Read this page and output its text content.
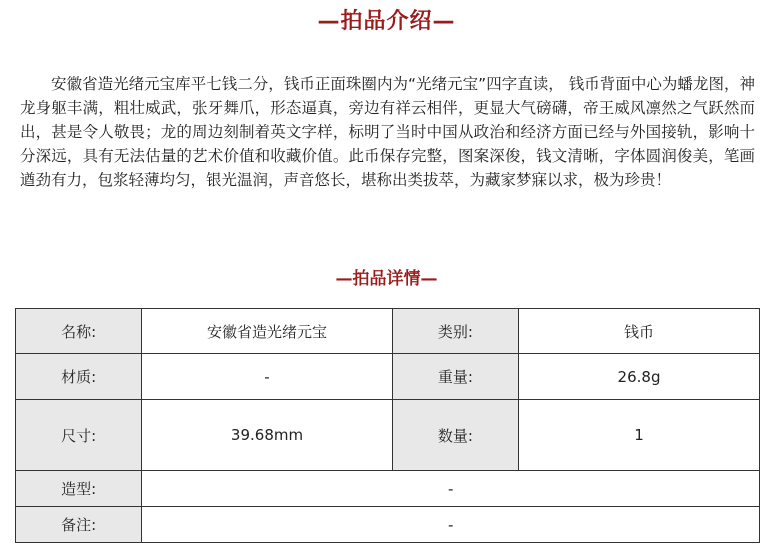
—拍品介绍—

安徽省造光绪元宝库平七钱二分，钱币正面珠圈内为“光绪元宝”四字直读， 钱币背面中心为蟠龙图，神龙身躯丰满，粗壮威武，张牙舞爪，形态逼真，旁边有祥云相伴，更显大气磅礴，帝王威风凛然之气跃然而出，甚是令人敬畏；龙的周边刻制着英文字样，标明了当时中国从政治和经济方面已经与外国接轨，影响十分深远，具有无法估量的艺术价值和收藏价值。此币保存完整，图案深俊，钱文清晰，字体圆润俊美，笔画遒劲有力，包浆轻薄均匀，银光温润，声音悠长，堪称出类拔萃，为藏家梦寐以求，极为珍贵！

—拍品详情—
名称:	安徽省造光绪元宝	类别:	钱币
材质:	-	重量:	26.8g
尺寸:	39.68mm	数量:	1
造型:	-		
备注:	-		
